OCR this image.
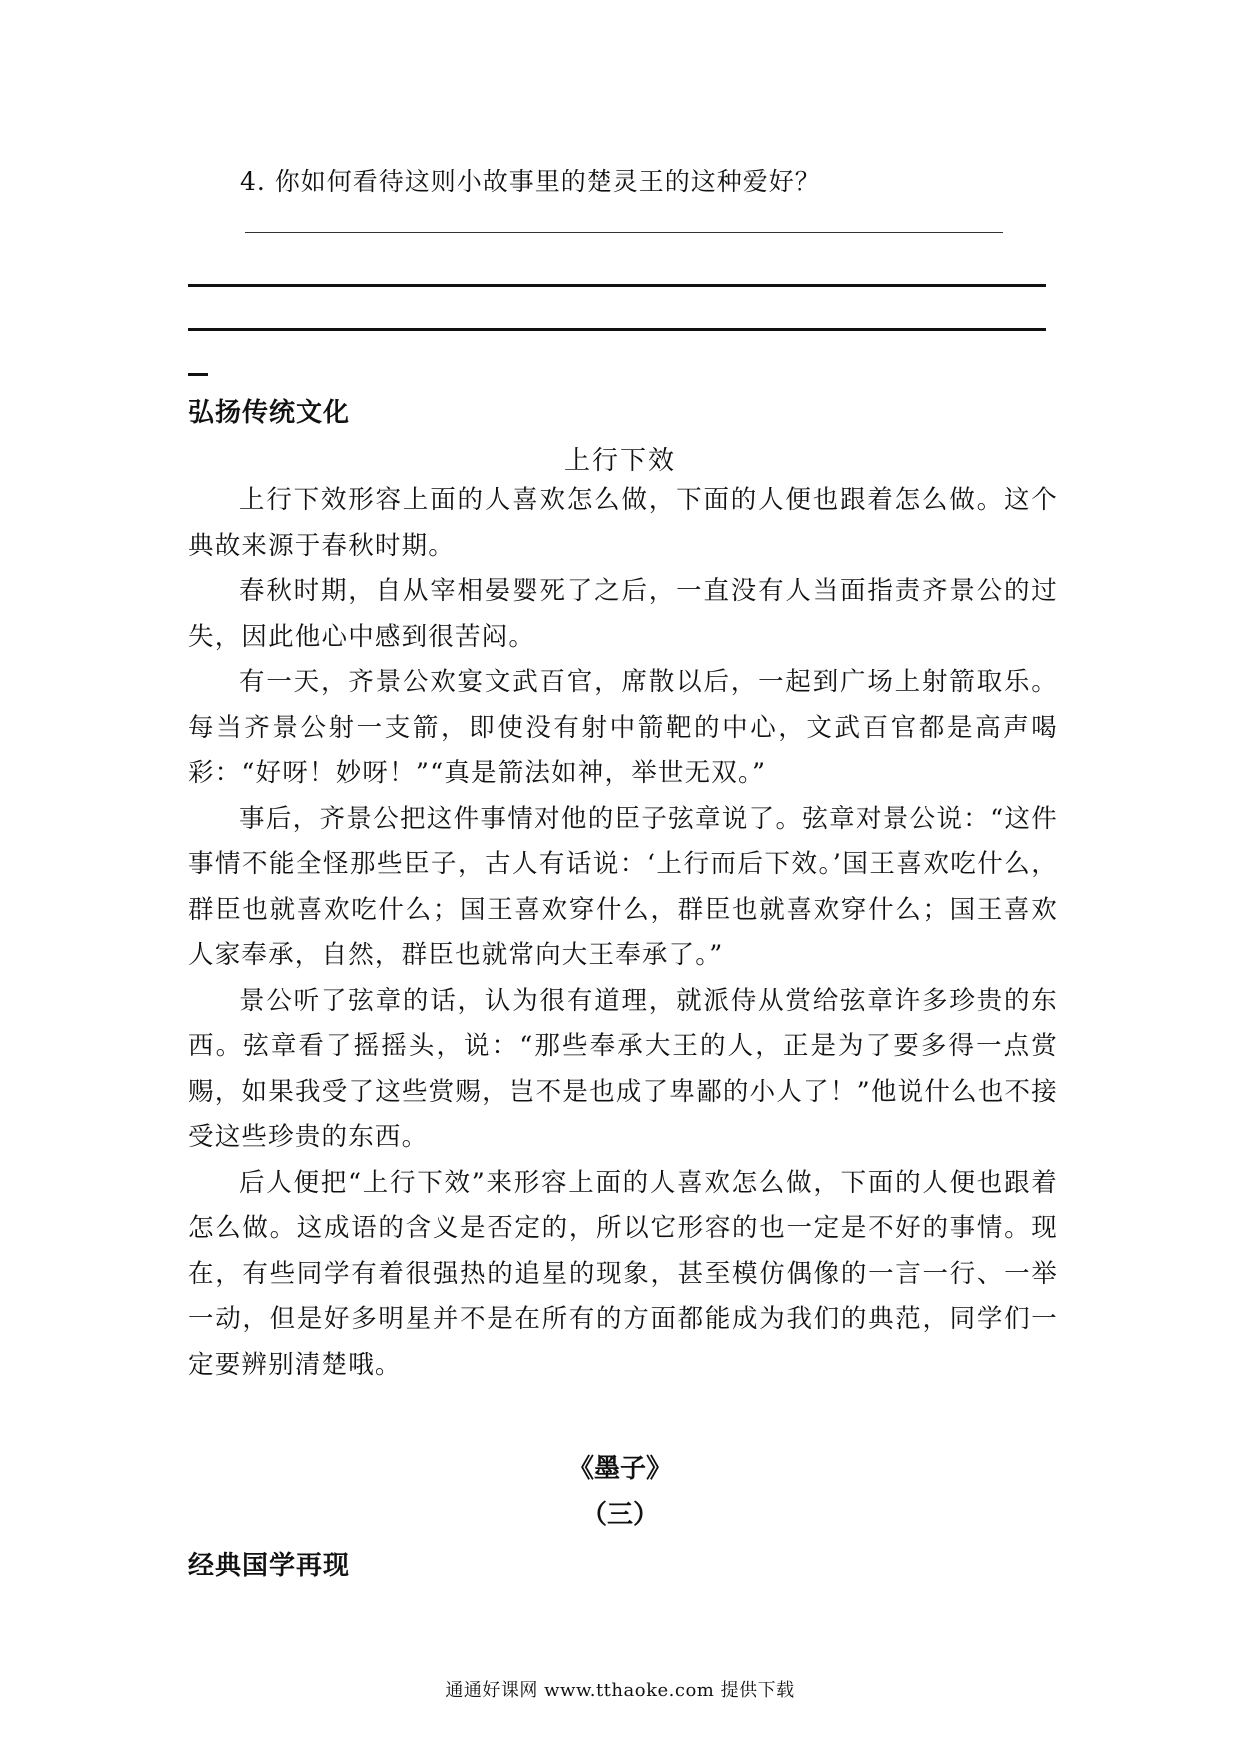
4. 你如何看待这则小故事里的楚灵王的这种爱好？
弘扬传统文化
上行下效

上行下效形容上面的人喜欢怎么做，下面的人便也跟着怎么做。这个典故来源于春秋时期。

春秋时期，自从宰相晏婴死了之后，一直没有人当面指责齐景公的过失，因此他心中感到很苦闷。

有一天，齐景公欢宴文武百官，席散以后，一起到广场上射箭取乐。每当齐景公射一支箭，即使没有射中箭靶的中心，文武百官都是高声喝彩：“好呀！妙呀！”“真是箭法如神，举世无双。”

事后，齐景公把这件事情对他的臣子弦章说了。弦章对景公说：“这件事情不能全怪那些臣子，古人有话说：‘上行而后下效。’国王喜欢吃什么，群臣也就喜欢吃什么；国王喜欢穿什么，群臣也就喜欢穿什么；国王喜欢人家奉承，自然，群臣也就常向大王奉承了。”

景公听了弦章的话，认为很有道理，就派侍从赏给弦章许多珍贵的东西。弦章看了摇摇头，说：“那些奉承大王的人，正是为了要多得一点赏赐，如果我受了这些赏赐，岂不是也成了卑鄙的小人了！”他说什么也不接受这些珍贵的东西。

后人便把“上行下效”来形容上面的人喜欢怎么做，下面的人便也跟着怎么做。这成语的含义是否定的，所以它形容的也一定是不好的事情。现在，有些同学有着很强热的追星的现象，甚至模仿偶像的一言一行、一举一动，但是好多明星并不是在所有的方面都能成为我们的典范，同学们一定要辨别清楚哦。

《墨子》
（三）
经典国学再现
通通好课网 www.tthaoke.com 提供下载
